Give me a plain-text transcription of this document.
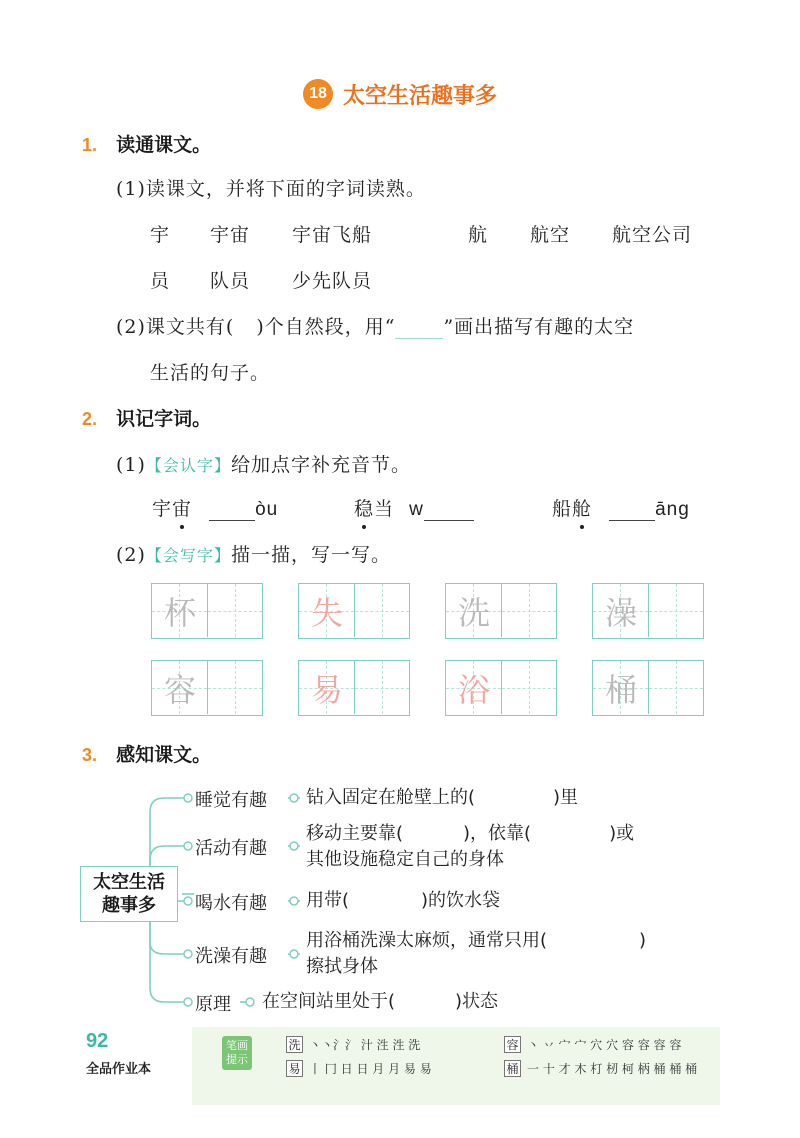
18 太空生活趣事多
1. 读通课文。
(1)读课文，并将下面的字词读熟。
宇 宇宙 宇宙飞船	航 航空 航空公司
员 队员 少先队员
(2)课文共有( )个自然段，用“	”画出描写有趣的太空
生活的句子。
2. 识记字词。
(1)【会认字】给加点字补充音节。
宇宙	òu	稳当 w	船舱	āng
(2)【会写字】描一描，写一写。
杯	失	洗	澡
容	易	浴	桶
3. 感知课文。
太空生活
趣事多
睡觉有趣
活动有趣
喝水有趣
洗澡有趣
原理
钻入固定在舱壁上的(	)里
移动主要靠(	)，依靠(	)或
其他设施稳定自己的身体
用带(	)的饮水袋
用浴桶洗澡太麻烦，通常只用(	)
擦拭身体
在空间站里处于(	)状态
92
全品作业本
笔画
提示
洗 丶丶氵氵 汁 泩 泩 洗
易 丨 冂 日 日 月 月 易 易
容 丶 丷 宀 宀 穴 穴 容 容 容 容
桶 一 十 才 木 朾 杒 柯 柄 桶 桶 桶
